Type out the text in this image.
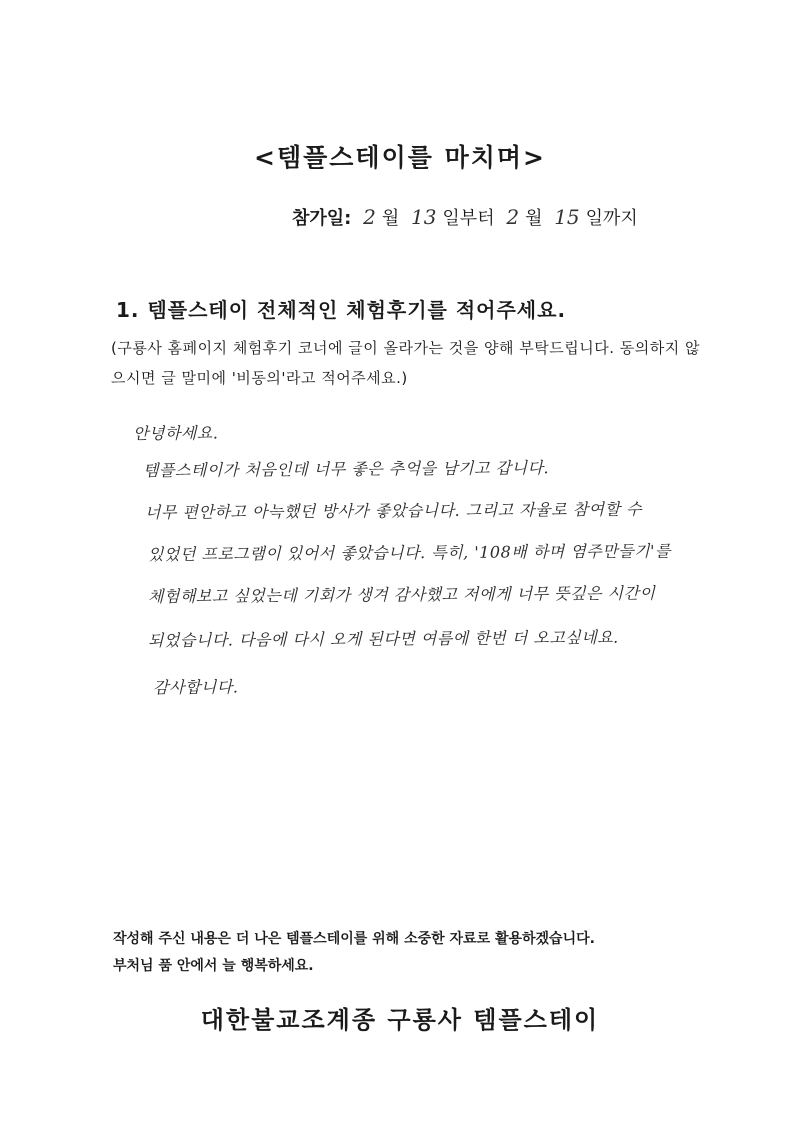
<템플스테이를 마치며>
참가일: 2 월 13 일부터 2 월 15 일까지
1. 템플스테이 전체적인 체험후기를 적어주세요.
(구룡사 홈페이지 체험후기 코너에 글이 올라가는 것을 양해 부탁드립니다. 동의하지 않으시면 글 말미에 '비동의'라고 적어주세요.)
안녕하세요.
템플스테이가 처음인데 너무 좋은 추억을 남기고 갑니다.
너무 편안하고 아늑했던 방사가 좋았습니다. 그리고 자율로 참여할 수
있었던 프로그램이 있어서 좋았습니다. 특히, '108배 하며 염주만들기'를
체험해보고 싶었는데 기회가 생겨 감사했고 저에게 너무 뜻깊은 시간이
되었습니다. 다음에 다시 오게 된다면 여름에 한번 더 오고싶네요.
감사합니다.
작성해 주신 내용은 더 나은 템플스테이를 위해 소중한 자료로 활용하겠습니다.
부처님 품 안에서 늘 행복하세요.
대한불교조계종 구룡사 템플스테이
